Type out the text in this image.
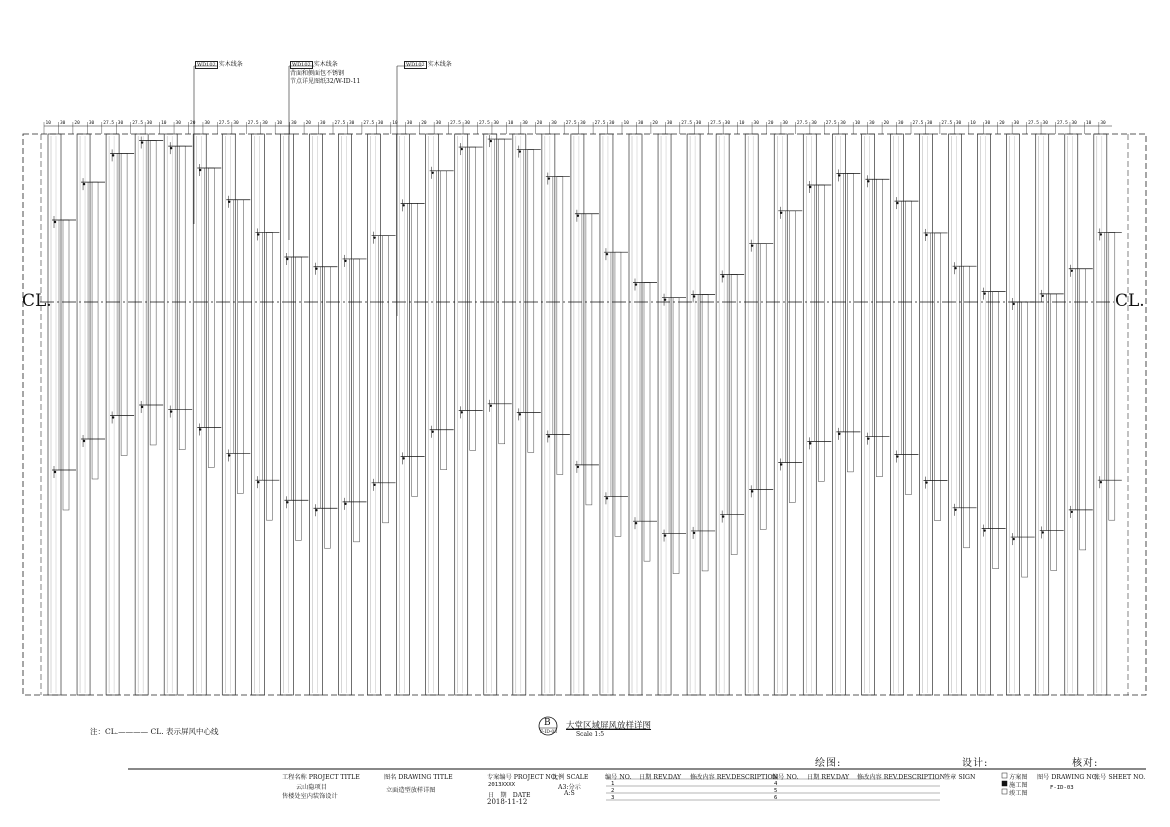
10 30 20 30 27.5 30 27.5 30 10 30 20 30 27.5 30 27.5 30 10 30 20 30 27.5 30 27.5 30 10 30 20 30 27.5 30 27.5 30 10 30 20 30 27.5 30 27.5 30 10 30 20 30 27.5 30 27.5 30 10 30 20 30 27.5 30 27.5 30 10 30 20 30 27.5 30 27.5 30 10 30 20 30 27.5 30 27.5 30 10 30
WD102 实木线条	WD102 实木线条
背面和侧面包不锈钢
节点详见图纸32/W-ID-11
WD102 实木线条
CL.	CL.
注：CL.———— CL. 表示屏风中心线
B
F-ID-03
大堂区域屏风放样详图
Scale 1:5
绘图:	设计:	核对:
工程名称 PROJECT TITLE
云山隐项目
售楼处室内装饰设计
图名 DRAWING TITLE
立面造型放样详图
专案编号 PROJECT NO.
2013XXXX
比例 SCALE
A3:分示
日　期　DATE	A:S
2018-11-12
编号 NO. 日期 REV.DAY 修改内容 REV.DESCRIPTION
编号 NO. 日期 REV.DAY 修改内容 REV.DESCRIPTION
1
2
3
4
5
6
签章 SIGN	方案图
施工图
竣工图
图号 DRAWING NO.
张号 SHEET NO.
F-ID-03
